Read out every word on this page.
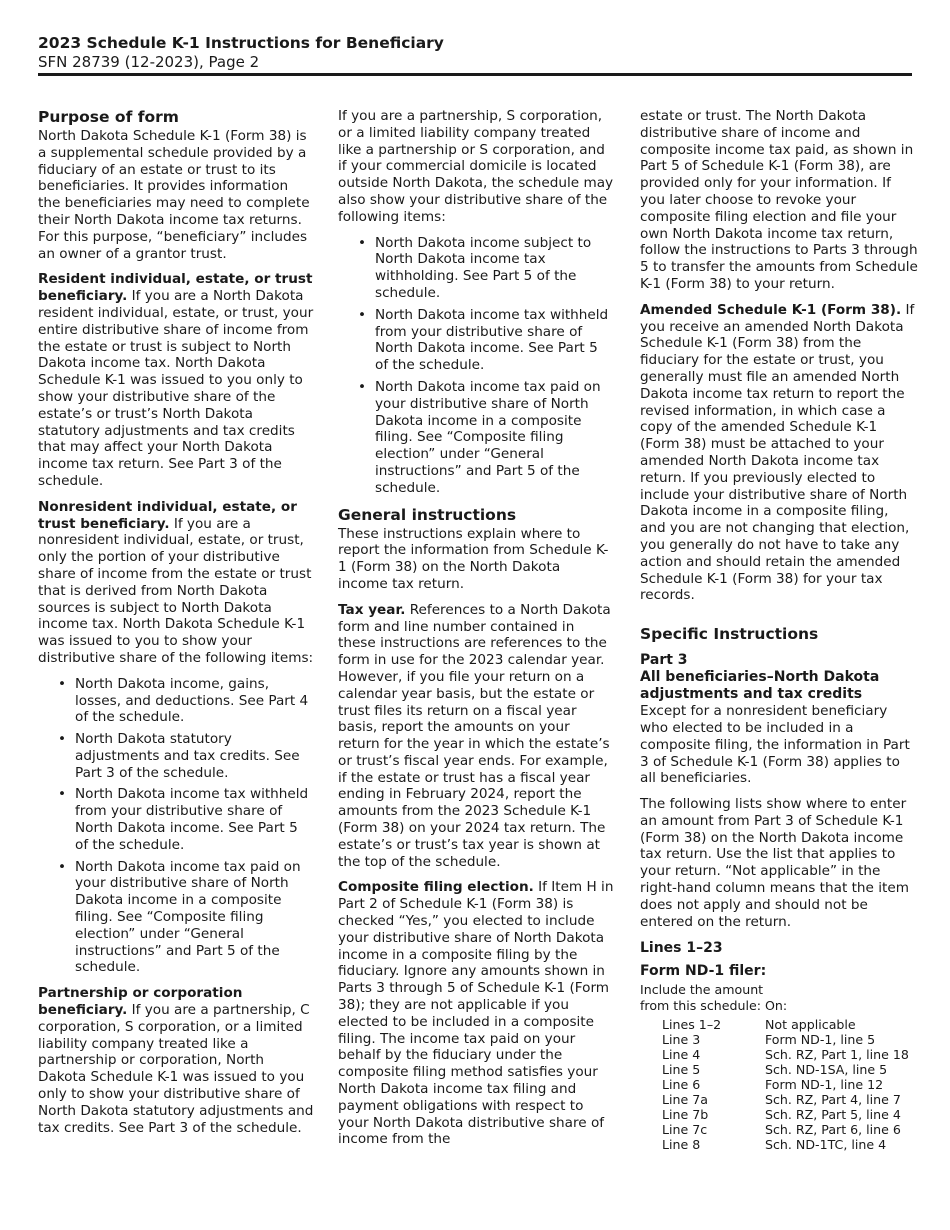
2023 Schedule K-1 Instructions for Beneficiary
SFN 28739 (12-2023), Page 2
Purpose of form

North Dakota Schedule K-1 (Form 38) is a supplemental schedule provided by a fiduciary of an estate or trust to its beneficiaries. It provides information the beneficiaries may need to complete their North Dakota income tax returns. For this purpose, “beneficiary” includes an owner of a grantor trust.

Resident individual, estate, or trust beneficiary. If you are a North Dakota resident individual, estate, or trust, your entire distributive share of income from the estate or trust is subject to North Dakota income tax. North Dakota Schedule K-1 was issued to you only to show your distributive share of the estate’s or trust’s North Dakota statutory adjustments and tax credits that may affect your North Dakota income tax return. See Part 3 of the schedule.

Nonresident individual, estate, or trust beneficiary. If you are a nonresident individual, estate, or trust, only the portion of your distributive share of income from the estate or trust that is derived from North Dakota sources is subject to North Dakota income tax. North Dakota Schedule K-1 was issued to you to show your distributive share of the following items:

• North Dakota income, gains, losses, and deductions. See Part 4 of the schedule.
• North Dakota statutory adjustments and tax credits. See Part 3 of the schedule.
• North Dakota income tax withheld from your distributive share of North Dakota income. See Part 5 of the schedule.
• North Dakota income tax paid on your distributive share of North Dakota income in a composite filing. See “Composite filing election” under “General instructions” and Part 5 of the schedule.

Partnership or corporation beneficiary. If you are a partnership, C corporation, S corporation, or a limited liability company treated like a partnership or corporation, North Dakota Schedule K-1 was issued to you only to show your distributive share of North Dakota statutory adjustments and tax credits. See Part 3 of the schedule.

If you are a partnership, S corporation, or a limited liability company treated like a partnership or S corporation, and if your commercial domicile is located outside North Dakota, the schedule may also show your distributive share of the following items:

• North Dakota income subject to North Dakota income tax withholding. See Part 5 of the schedule.
• North Dakota income tax withheld from your distributive share of North Dakota income. See Part 5 of the schedule.
• North Dakota income tax paid on your distributive share of North Dakota income in a composite filing. See “Composite filing election” under “General instructions” and Part 5 of the schedule.
General instructions

These instructions explain where to report the information from Schedule K-1 (Form 38) on the North Dakota income tax return.

Tax year. References to a North Dakota form and line number contained in these instructions are references to the form in use for the 2023 calendar year. However, if you file your return on a calendar year basis, but the estate or trust files its return on a fiscal year basis, report the amounts on your return for the year in which the estate’s or trust’s fiscal year ends. For example, if the estate or trust has a fiscal year ending in February 2024, report the amounts from the 2023 Schedule K-1 (Form 38) on your 2024 tax return. The estate’s or trust’s tax year is shown at the top of the schedule.

Composite filing election. If Item H in Part 2 of Schedule K-1 (Form 38) is checked “Yes,” you elected to include your distributive share of North Dakota income in a composite filing by the fiduciary. Ignore any amounts shown in Parts 3 through 5 of Schedule K-1 (Form 38); they are not applicable if you elected to be included in a composite filing. The income tax paid on your behalf by the fiduciary under the composite filing method satisfies your North Dakota income tax filing and payment obligations with respect to your North Dakota distributive share of income from the

estate or trust. The North Dakota distributive share of income and composite income tax paid, as shown in Part 5 of Schedule K-1 (Form 38), are provided only for your information. If you later choose to revoke your composite filing election and file your own North Dakota income tax return, follow the instructions to Parts 3 through 5 to transfer the amounts from Schedule K-1 (Form 38) to your return.

Amended Schedule K-1 (Form 38). If you receive an amended North Dakota Schedule K-1 (Form 38) from the fiduciary for the estate or trust, you generally must file an amended North Dakota income tax return to report the revised information, in which case a copy of the amended Schedule K-1 (Form 38) must be attached to your amended North Dakota income tax return. If you previously elected to include your distributive share of North Dakota income in a composite filing, and you are not changing that election, you generally do not have to take any action and should retain the amended Schedule K-1 (Form 38) for your tax records.

Specific Instructions
Part 3
All beneficiaries–North Dakota adjustments and tax credits

Except for a nonresident beneficiary who elected to be included in a composite filing, the information in Part 3 of Schedule K-1 (Form 38) applies to all beneficiaries.

The following lists show where to enter an amount from Part 3 of Schedule K-1 (Form 38) on the North Dakota income tax return. Use the list that applies to your return. “Not applicable” in the right-hand column means that the item does not apply and should not be entered on the return.

Lines 1–23
Form ND-1 filer:
Include the amount
from this schedule: On:
Lines 1–2	Not applicable
Line 3	Form ND-1, line 5
Line 4	Sch. RZ, Part 1, line 18
Line 5	Sch. ND-1SA, line 5
Line 6	Form ND-1, line 12
Line 7a	Sch. RZ, Part 4, line 7
Line 7b	Sch. RZ, Part 5, line 4
Line 7c	Sch. RZ, Part 6, line 6
Line 8	Sch. ND-1TC, line 4
